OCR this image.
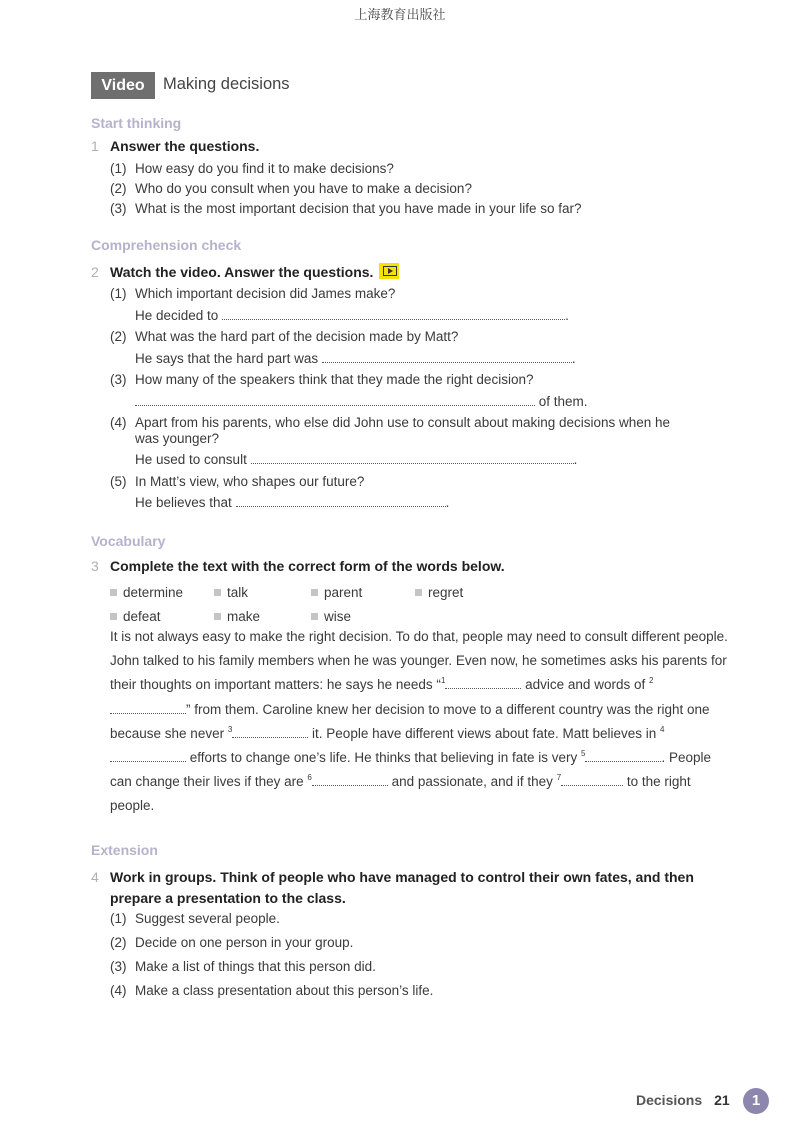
上海教育出版社
Video	Making decisions
Start thinking
1 Answer the questions.
(1) How easy do you find it to make decisions?
(2) Who do you consult when you have to make a decision?
(3) What is the most important decision that you have made in your life so far?
Comprehension check
2 Watch the video. Answer the questions.
(1) Which important decision did James make?
He decided to	.
(2) What was the hard part of the decision made by Matt?
He says that the hard part was	.
(3) How many of the speakers think that they made the right decision?
of them.
(4) Apart from his parents, who else did John use to consult about making decisions when he
was younger?
He used to consult	.
(5) In Matt’s view, who shapes our future?
He believes that	.
Vocabulary
3 Complete the text with the correct form of the words below.
determine	talk	parent	regret
defeat	make	wise
It is not always easy to make the right decision. To do that, people may need to consult different people. John talked to his family members when he was younger. Even now, he sometimes asks his parents for their thoughts on important matters: he says he needs “$^1$	advice and words of $^2$” from them. Caroline knew her decision to move to a different country was the right one because she never $^3$	it. People have different views about fate. Matt believes in $^4$ efforts to change one’s life. He thinks that believing in fate is very $^5$	. People can change their lives if they are $^6$	and passionate, and if they $^7$	to the right people.
Extension
4 Work in groups. Think of people who have managed to control their own fates, and then
prepare a presentation to the class.
(1) Suggest several people.
(2) Decide on one person in your group.
(3) Make a list of things that this person did.
(4) Make a class presentation about this person’s life.
Decisions 21	1
